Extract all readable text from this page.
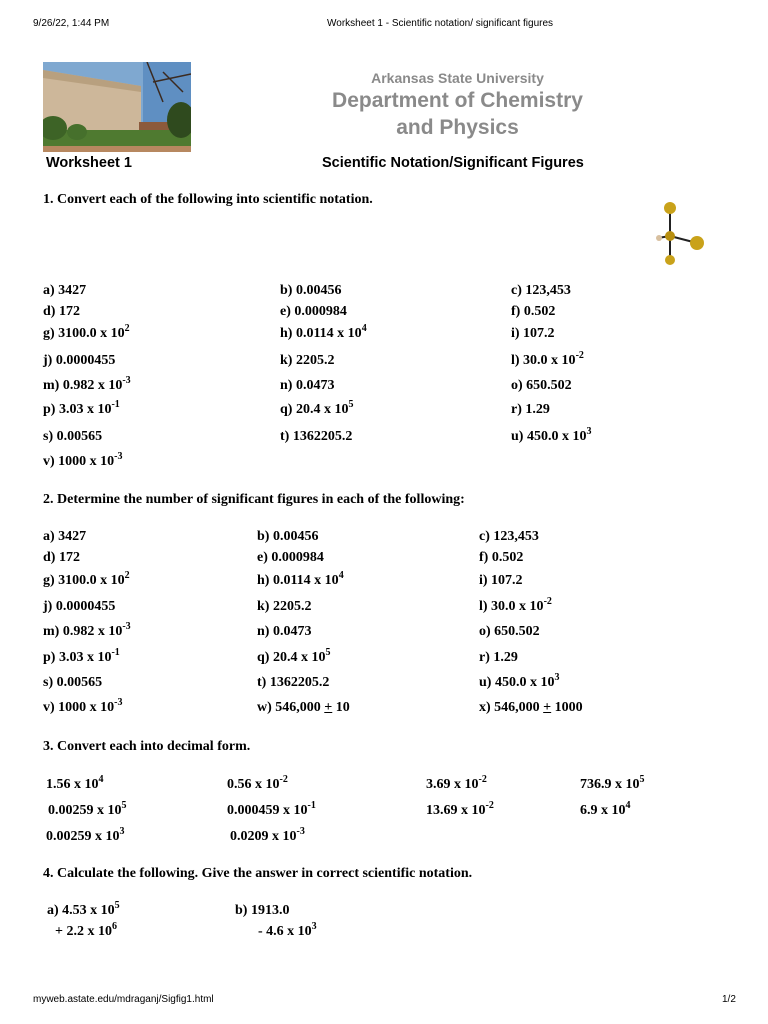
9/26/22, 1:44 PM	Worksheet 1 - Scientific notation/ significant figures
Arkansas State University
Department of Chemistry
and Physics
Worksheet 1	Scientific Notation/Significant Figures
1. Convert each of the following into scientific notation.
a) 3427	b) 0.00456	c) 123,453
d) 172	e) 0.000984	f) 0.502
g) 3100.0 x $10^2$	h) 0.0114 x $10^4$	i) 107.2
j) 0.0000455	k) 2205.2	l) 30.0 x $10^{-2}$
m) 0.982 x $10^{-3}$	n) 0.0473	o) 650.502
p) 3.03 x $10^{-1}$	q) 20.4 x $10^5$	r) 1.29
s) 0.00565	t) 1362205.2	u) 450.0 x $10^3$
v) 1000 x $10^{-3}$
2. Determine the number of significant figures in each of the following:
a) 3427	b) 0.00456	c) 123,453
d) 172	e) 0.000984	f) 0.502
g) 3100.0 x $10^2$	h) 0.0114 x $10^4$	i) 107.2
j) 0.0000455	k) 2205.2	l) 30.0 x $10^{-2}$
m) 0.982 x $10^{-3}$	n) 0.0473	o) 650.502
p) 3.03 x $10^{-1}$	q) 20.4 x $10^5$	r) 1.29
s) 0.00565	t) 1362205.2	u) 450.0 x $10^3$
v) 1000 x $10^{-3}$	w) 546,000 + 10	x) 546,000 + 1000
3. Convert each into decimal form.
1.56 x $10^4$	0.56 x $10^{-2}$	3.69 x $10^{-2}$	736.9 x $10^5$
0.00259 x $10^5$	0.000459 x $10^{-1}$	13.69 x $10^{-2}$	6.9 x $10^4$
0.00259 x $10^3$	0.0209 x $10^{-3}$
4. Calculate the following. Give the answer in correct scientific notation.
a) 4.53 x $10^5$	b) 1913.0
+ 2.2 x $10^6$	- 4.6 x $10^3$
myweb.astate.edu/mdraganj/Sigfig1.html	1/2
